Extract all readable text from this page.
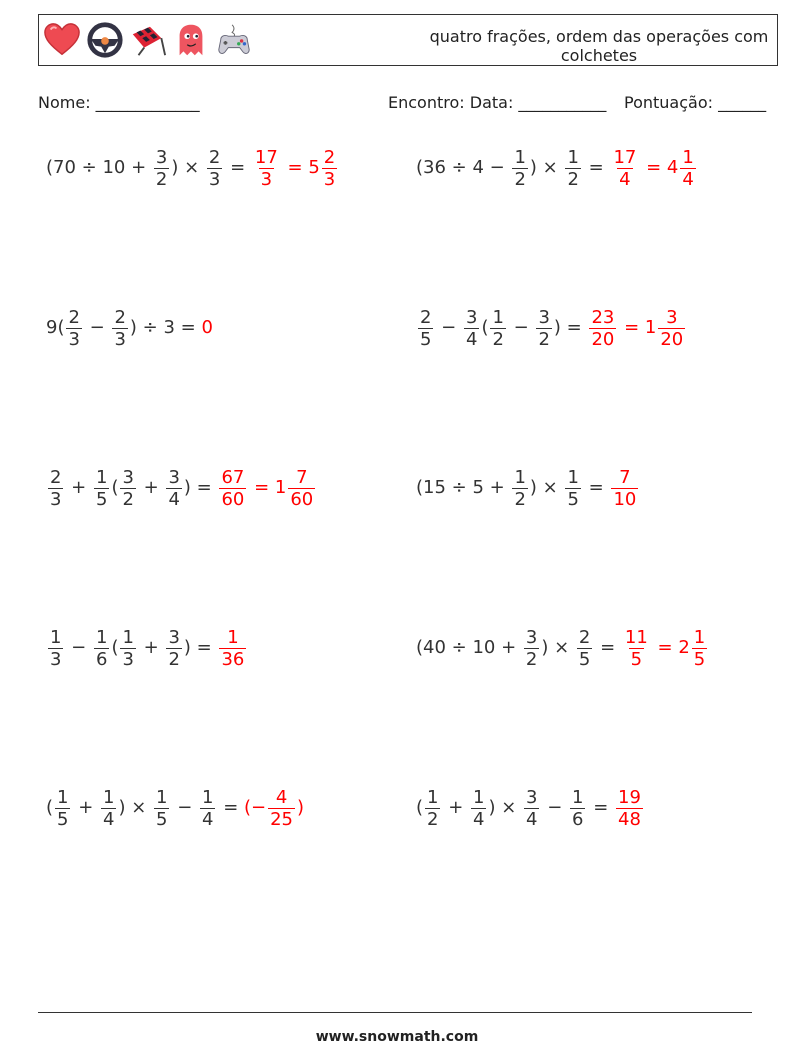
quatro frações, ordem das operações com colchetes
Nome: _____________	Encontro: Data: ___________ Pontuação: ______
($70 \div 10 + \frac{3}{2}$ ) × $\frac{2}{3} = \frac{17}{3} = 5 \frac{2}{3}$	($36 \div 4 - \frac{1}{2}$ ) × $\frac{1}{2} = \frac{17}{4} = 4 \frac{1}{4}$
$9( \frac{2}{3} - \frac{2}{3}$ ) ÷ 3 = 0	$\frac{2}{5} - \frac{3}{4}$ ( $\frac{1}{2} - \frac{3}{2}$ ) = $\frac{23}{20} = 1 \frac{3}{20}$
$\frac{2}{3} + \frac{1}{5}$ ( $\frac{3}{2} + \frac{3}{4}$ ) = $\frac{67}{60} = 1 \frac{7}{60}$	($15 \div 5 + \frac{1}{2}$ ) × $\frac{1}{5} = \frac{7}{10}$
$\frac{1}{3} - \frac{1}{6}$ ( $\frac{1}{3} + \frac{3}{2}$ ) = $\frac{1}{36}$	($40 \div 10 + \frac{3}{2}$ ) × $\frac{2}{5} = \frac{11}{5} = 2 \frac{1}{5}$
( $\frac{1}{5} + \frac{1}{4}$ ) × $\frac{1}{5} - \frac{1}{4}$ = (− $\frac{4}{25}$ )	( $\frac{1}{2} + \frac{1}{4}$ ) × $\frac{3}{4} - \frac{1}{6} = \frac{19}{48}$
www.snowmath.com
